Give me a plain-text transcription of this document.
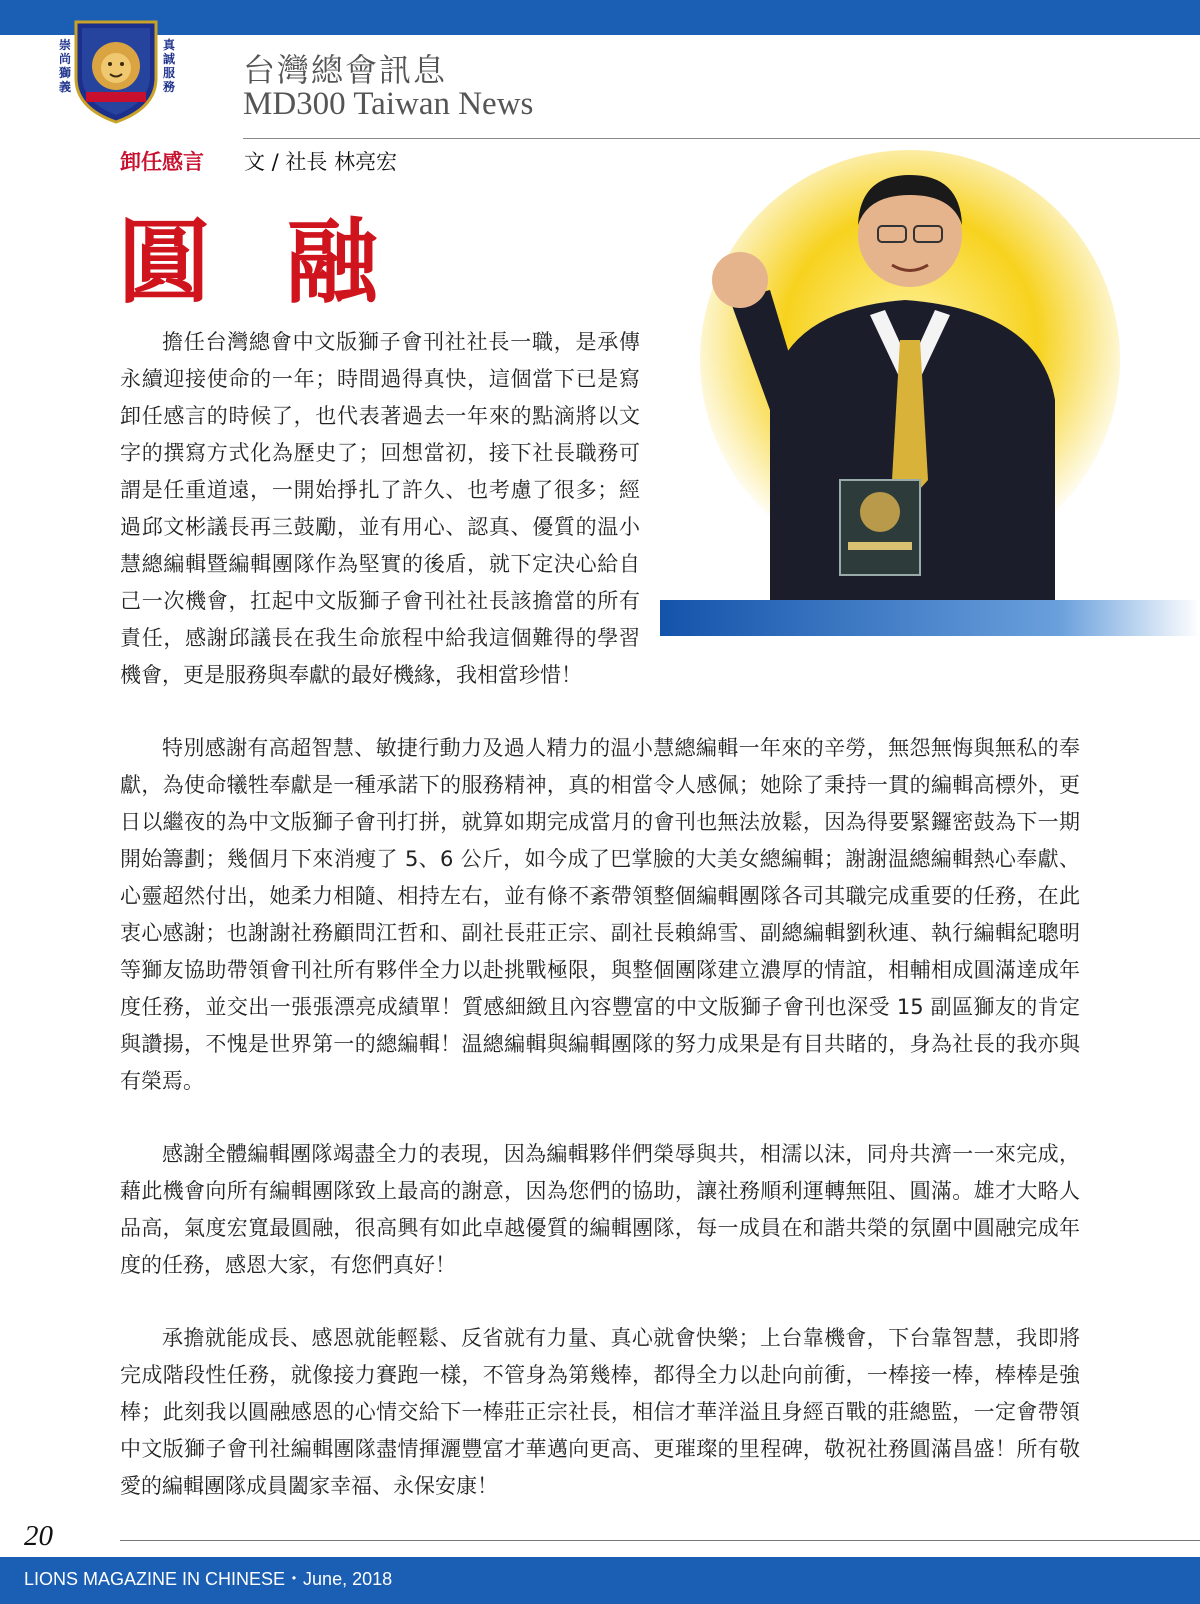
崇尚獅義
真誠服務 台灣總會訊息
MD300 Taiwan News
卸任感言 文 / 社長 林亮宏
圓 融

擔任台灣總會中文版獅子會刊社社長一職，是承傳永續迎接使命的一年；時間過得真快，這個當下已是寫卸任感言的時候了，也代表著過去一年來的點滴將以文字的撰寫方式化為歷史了；回想當初，接下社長職務可謂是任重道遠，一開始掙扎了許久、也考慮了很多；經過邱文彬議長再三鼓勵，並有用心、認真、優質的温小慧總編輯暨編輯團隊作為堅實的後盾，就下定決心給自己一次機會，扛起中文版獅子會刊社社長該擔當的所有責任，感謝邱議長在我生命旅程中給我這個難得的學習機會，更是服務與奉獻的最好機緣，我相當珍惜！

特別感謝有高超智慧、敏捷行動力及過人精力的温小慧總編輯一年來的辛勞，無怨無悔與無私的奉獻，為使命犧牲奉獻是一種承諾下的服務精神，真的相當令人感佩；她除了秉持一貫的編輯高標外，更日以繼夜的為中文版獅子會刊打拼，就算如期完成當月的會刊也無法放鬆，因為得要緊鑼密鼓為下一期開始籌劃；幾個月下來消瘦了 5、6 公斤，如今成了巴掌臉的大美女總編輯；謝謝温總編輯熱心奉獻、心靈超然付出，她柔力相隨、相持左右，並有條不紊帶領整個編輯團隊各司其職完成重要的任務，在此衷心感謝；也謝謝社務顧問江哲和、副社長莊正宗、副社長賴綿雪、副總編輯劉秋連、執行編輯紀聰明等獅友協助帶領會刊社所有夥伴全力以赴挑戰極限，與整個團隊建立濃厚的情誼，相輔相成圓滿達成年度任務，並交出一張張漂亮成績單！質感細緻且內容豐富的中文版獅子會刊也深受 15 副區獅友的肯定與讚揚，不愧是世界第一的總編輯！温總編輯與編輯團隊的努力成果是有目共睹的，身為社長的我亦與有榮焉。

感謝全體編輯團隊竭盡全力的表現，因為編輯夥伴們榮辱與共，相濡以沫，同舟共濟一一來完成，藉此機會向所有編輯團隊致上最高的謝意，因為您們的協助，讓社務順利運轉無阻、圓滿。雄才大略人品高，氣度宏寬最圓融，很高興有如此卓越優質的編輯團隊，每一成員在和諧共榮的氛圍中圓融完成年度的任務，感恩大家，有您們真好！

承擔就能成長、感恩就能輕鬆、反省就有力量、真心就會快樂；上台靠機會，下台靠智慧，我即將完成階段性任務，就像接力賽跑一樣，不管身為第幾棒，都得全力以赴向前衝，一棒接一棒，棒棒是強棒；此刻我以圓融感恩的心情交給下一棒莊正宗社長，相信才華洋溢且身經百戰的莊總監，一定會帶領中文版獅子會刊社編輯團隊盡情揮灑豐富才華邁向更高、更璀璨的里程碑，敬祝社務圓滿昌盛！所有敬愛的編輯團隊成員闔家幸福、永保安康！

20
LIONS MAGAZINE IN CHINESE・June, 2018
